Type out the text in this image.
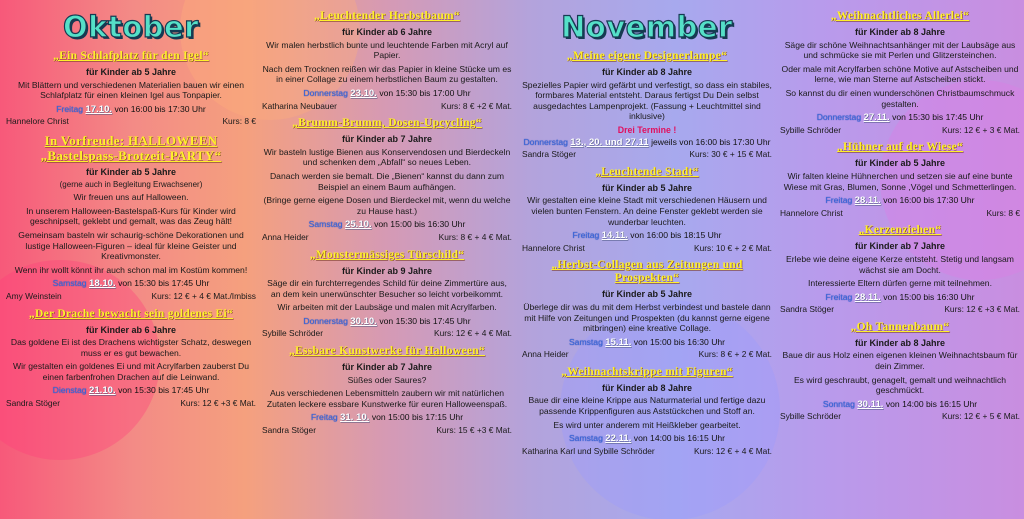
Oktober
„Ein Schlafplatz für den Igel“
für Kinder ab 5 Jahre
Mit Blättern und verschiedenen Materialien bauen wir einen Schlafplatz für einen kleinen Igel aus Tonpapier.
Freitag 17.10. von 16:00 bis 17:30 Uhr
Hannelore Christ	Kurs: 8 €
In Vorfreude: HALLOWEEN „Bastelspass-Brotzeit-PARTY“
für Kinder ab 5 Jahre
(gerne auch in Begleitung Erwachsener)
Wir freuen uns auf Halloween.
In unserem Halloween-Bastelspaß-Kurs für Kinder wird geschnipselt, geklebt und gemalt, was das Zeug hält!
Gemeinsam basteln wir schaurig-schöne Dekorationen und lustige Halloween-Figuren – ideal für kleine Geister und Kreativmonster.
Wenn ihr wollt könnt ihr auch schon mal im Kostüm kommen!
Samstag 18.10. von 15:30 bis 17:45 Uhr
Amy Weinstein	Kurs: 12 € + 4 € Mat./Imbiss
„Der Drache bewacht sein goldenes Ei“
für Kinder ab 6 Jahre
Das goldene Ei ist des Drachens wichtigster Schatz, deswegen muss er es gut bewachen.
Wir gestalten ein goldenes Ei und mit Acrylfarben zauberst Du einen farbenfrohen Drachen auf die Leinwand.
Dienstag 21.10. von 15:30 bis 17:45 Uhr
Sandra Stöger	Kurs: 12 € +3 € Mat.
„Leuchtender Herbstbaum“
für Kinder ab 6 Jahre
Wir malen herbstlich bunte und leuchtende Farben mit Acryl auf Papier.
Nach dem Trocknen reißen wir das Papier in kleine Stücke um es in einer Collage zu einem herbstlichen Baum zu gestalten.
Donnerstag 23.10. von 15:30 bis 17:00 Uhr
Katharina Neubauer	Kurs: 8 € +2 € Mat.
„Brumm-Brumm, Dosen-Upcycling“
für Kinder ab 7 Jahre
Wir basteln lustige Bienen aus Konservendosen und Bierdeckeln und schenken dem „Abfall“ so neues Leben.
Danach werden sie bemalt. Die „Bienen“ kannst du dann zum Beispiel an einem Baum aufhängen.
(Bringe gerne eigene Dosen und Bierdeckel mit, wenn du welche zu Hause hast.)
Samstag 25.10. von 15:00 bis 16:30 Uhr
Anna Heider	Kurs: 8 € + 4 € Mat.
„Monstermässiges Türschild“
für Kinder ab 9 Jahre
Säge dir ein furchterregendes Schild für deine Zimmertüre aus, an dem kein unerwünschter Besucher so leicht vorbeikommt.
Wir arbeiten mit der Laubsäge und malen mit Acrylfarben.
Donnerstag 30.10. von 15:30 bis 17:45 Uhr
Sybille Schröder	Kurs: 12 € + 4 € Mat.
„Essbare Kunstwerke für Halloween“
für Kinder ab 7 Jahre
Süßes oder Saures?
Aus verschiedenen Lebensmitteln zaubern wir mit natürlichen Zutaten leckere essbare Kunstwerke für euren Halloweenspaß.
Freitag 31. 10. von 15:00 bis 17:15 Uhr
Sandra Stöger	Kurs: 15 € +3 € Mat.
November
„Meine eigene Designerlampe“
für Kinder ab 8 Jahre
Spezielles Papier wird gefärbt und verfestigt, so dass ein stabiles, formbares Material entsteht. Daraus fertigst Du Dein selbst ausgedachtes Lampenprojekt. (Fassung + Leuchtmittel sind inklusive)
Drei Termine !
Donnerstag 13., 20. und 27.11 jeweils von 16:00 bis 17:30 Uhr
Sandra Stöger	Kurs: 30 € + 15 € Mat.
„Leuchtende Stadt“
für Kinder ab 5 Jahre
Wir gestalten eine kleine Stadt mit verschiedenen Häusern und vielen bunten Fenstern. An deine Fenster geklebt werden sie wunderbar leuchten.
Freitag 14.11. von 16:00 bis 18:15 Uhr
Hannelore Christ	Kurs: 10 € + 2 € Mat.
„Herbst-Collagen aus Zeitungen und Prospekten“
für Kinder ab 5 Jahre
Überlege dir was du mit dem Herbst verbindest und bastele dann mit Hilfe von Zeitungen und Prospekten (du kannst gerne eigene mitbringen) eine kreative Collage.
Samstag 15.11. von 15:00 bis 16:30 Uhr
Anna Heider	Kurs: 8 € + 2 € Mat.
„Weihnachtskrippe mit Figuren“
für Kinder ab 8 Jahre
Baue dir eine kleine Krippe aus Naturmaterial und fertige dazu passende Krippenfiguren aus Aststückchen und Stoff an.
Es wird unter anderem mit Heißkleber gearbeitet.
Samstag 22.11. von 14:00 bis 16:15 Uhr
Katharina Karl und Sybille Schröder	Kurs: 12 € + 4 € Mat.
„Weihnachtliches Allerlei“
für Kinder ab 8 Jahre
Säge dir schöne Weihnachtsanhänger mit der Laubsäge aus und schmücke sie mit Perlen und Glitzersteinchen.
Oder male mit Acrylfarben schöne Motive auf Astscheiben und lerne, wie man Sterne auf Astscheiben stickt.
So kannst du dir einen wunderschönen Christbaumschmuck gestalten.
Donnerstag 27.11. von 15:30 bis 17:45 Uhr
Sybille Schröder	Kurs: 12 € + 3 € Mat.
„Hühner auf der Wiese“
für Kinder ab 5 Jahre
Wir falten kleine Hühnerchen und setzen sie auf eine bunte Wiese mit Gras, Blumen, Sonne ,Vögel und Schmetterlingen.
Freitag 28.11. von 16:00 bis 17:30 Uhr
Hannelore Christ	Kurs: 8 €
„Kerzenziehen“
für Kinder ab 7 Jahre
Erlebe wie deine eigene Kerze entsteht. Stetig und langsam wächst sie am Docht.
Interessierte Eltern dürfen gerne mit teilnehmen.
Freitag 28.11. von 15:00 bis 16:30 Uhr
Sandra Stöger	Kurs: 12 € +3 € Mat.
„Oh Tannenbaum“
für Kinder ab 8 Jahre
Baue dir aus Holz einen eigenen kleinen Weihnachtsbaum für dein Zimmer.
Es wird geschraubt, genagelt, gemalt und weihnachtlich geschmückt.
Sonntag 30.11. von 14:00 bis 16:15 Uhr
Sybille Schröder	Kurs: 12 € + 5 € Mat.
